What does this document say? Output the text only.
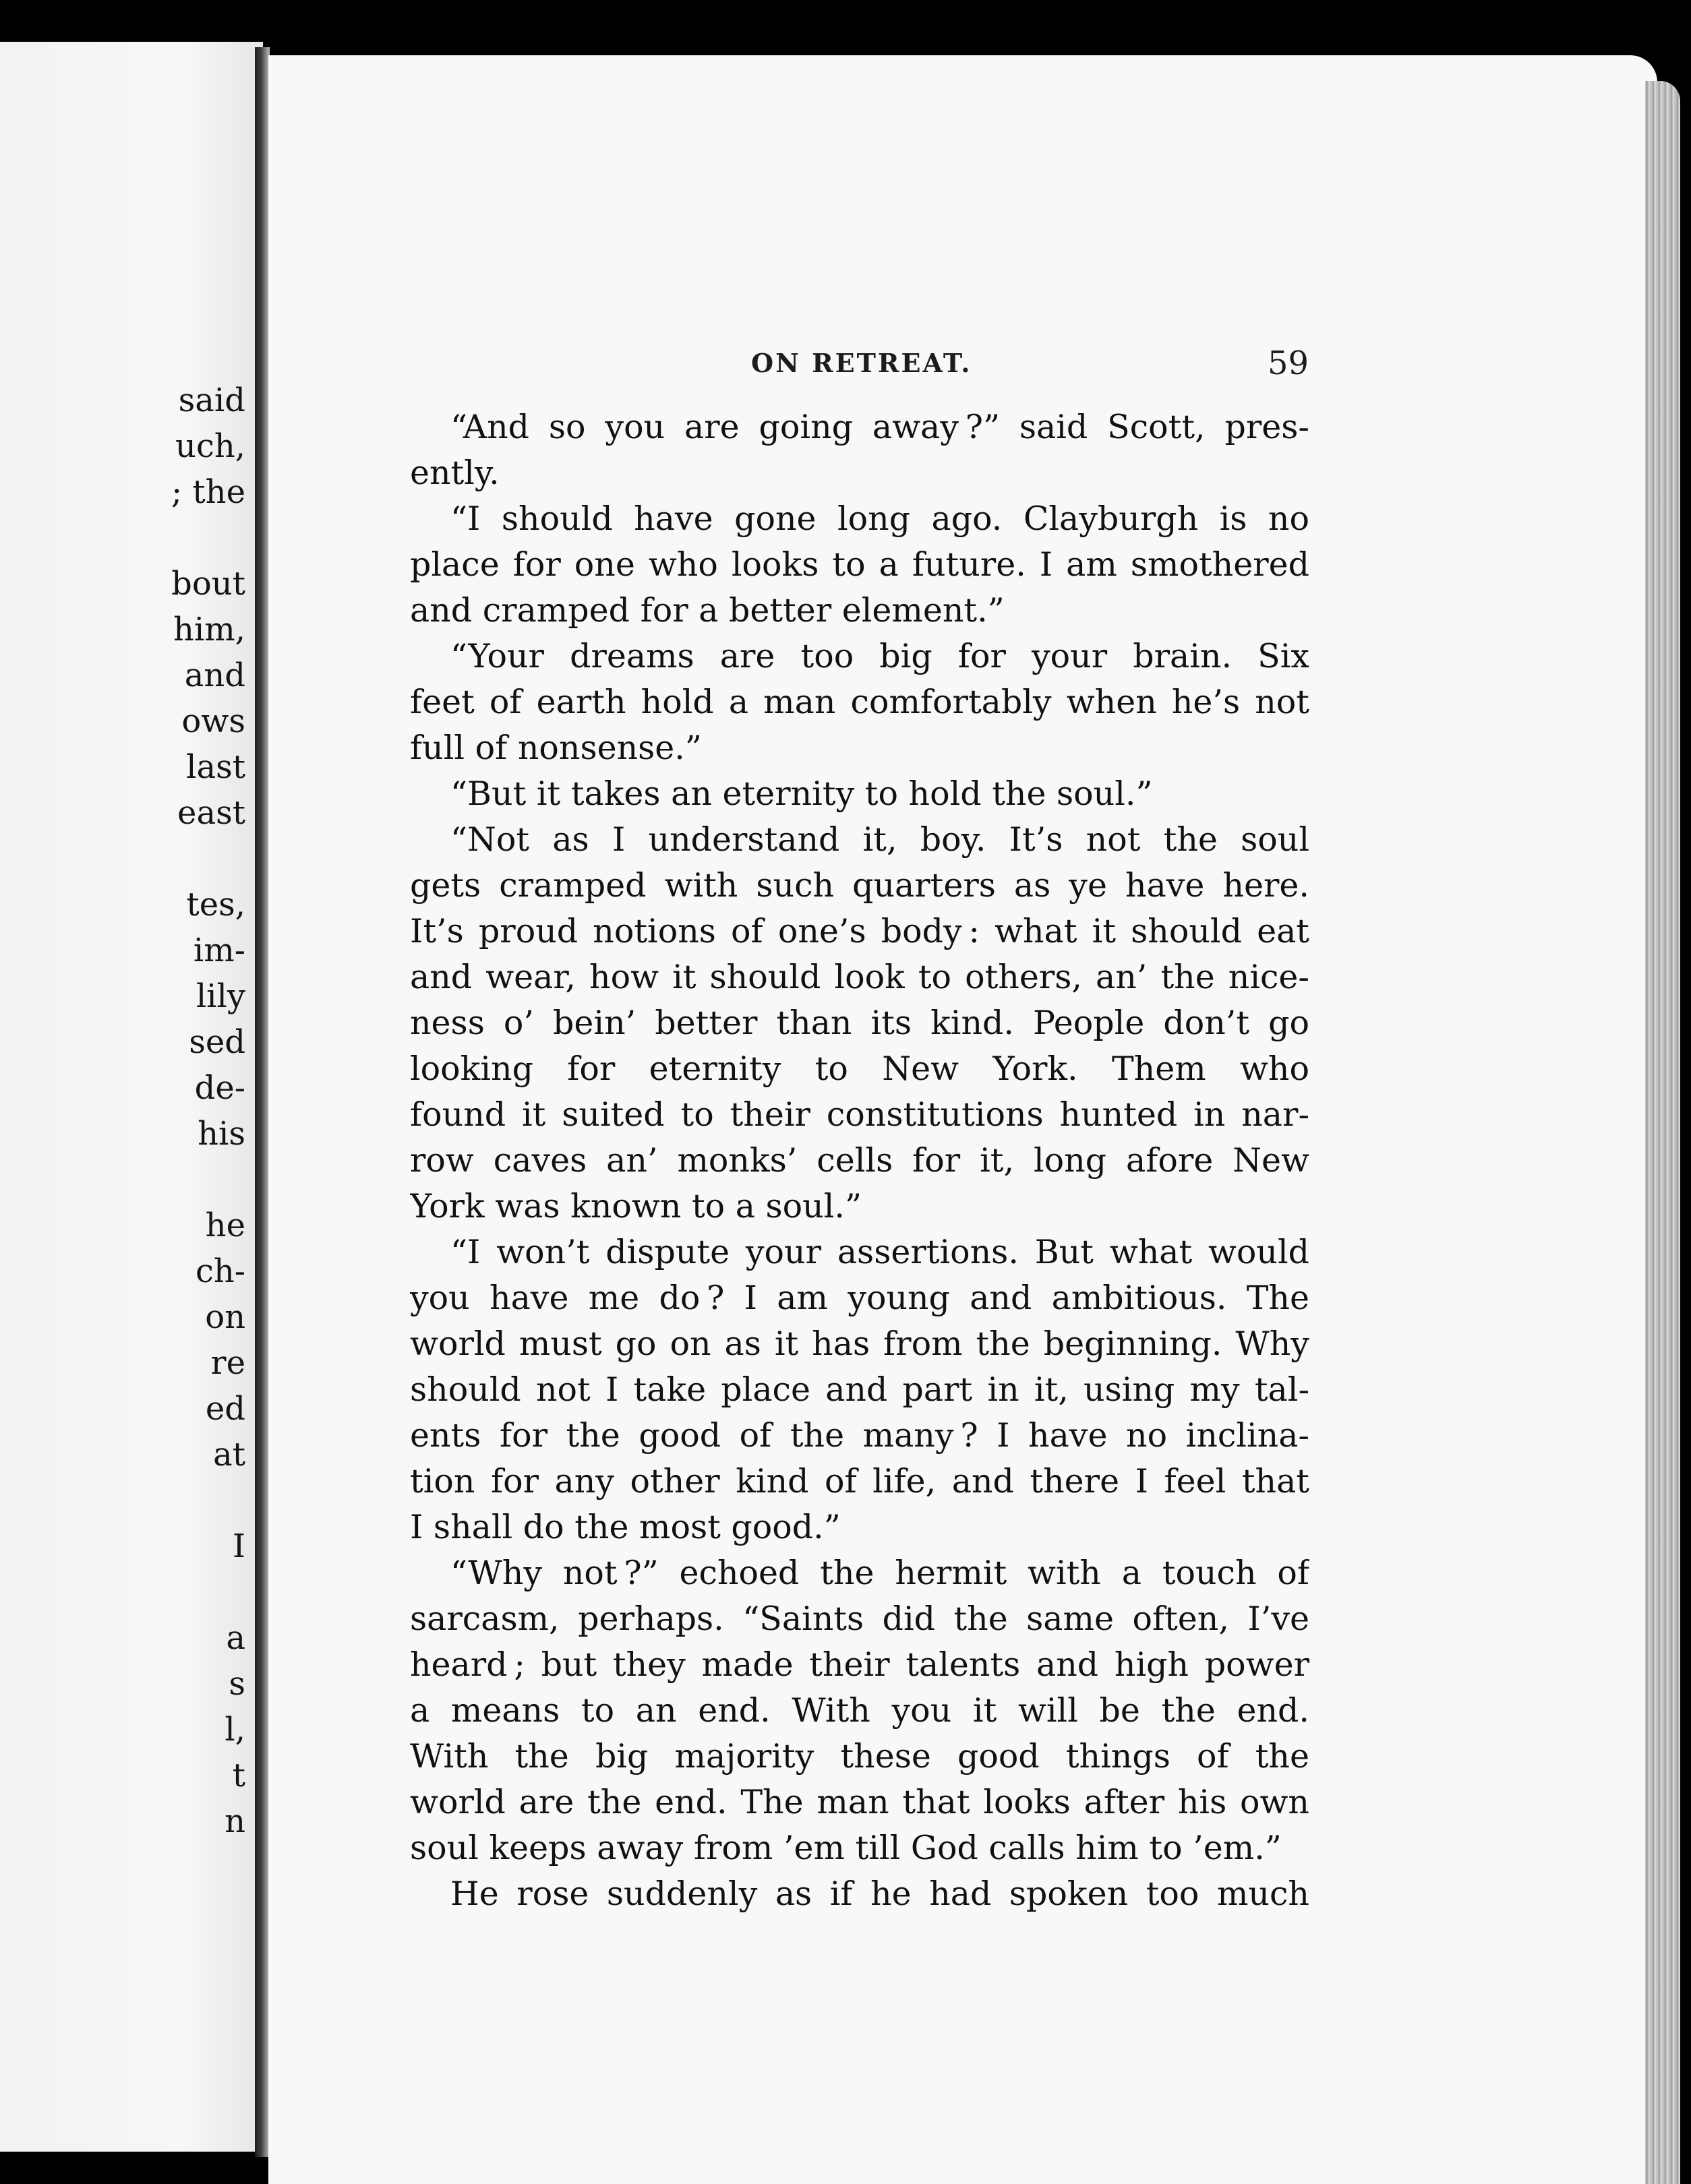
said
uch,
; the
bout
him,
and
ows
last
east
tes,
im-
lily
sed
de-
his
he
ch-
on
re
ed
at
I
a
s
l,
t
n
ON RETREAT.	59
“And so you are going away ?” said Scott, pres-
ently.
“I should have gone long ago. Clayburgh is no
place for one who looks to a future. I am smothered
and cramped for a better element.”
“Your dreams are too big for your brain. Six
feet of earth hold a man comfortably when he’s not
full of nonsense.”
“But it takes an eternity to hold the soul.”
“Not as I understand it, boy. It’s not the soul
gets cramped with such quarters as ye have here.
It’s proud notions of one’s body : what it should eat
and wear, how it should look to others, an’ the nice-
ness o’ bein’ better than its kind. People don’t go
looking for eternity to New York. Them who
found it suited to their constitutions hunted in nar-
row caves an’ monks’ cells for it, long afore New
York was known to a soul.”
“I won’t dispute your assertions. But what would
you have me do ? I am young and ambitious. The
world must go on as it has from the beginning. Why
should not I take place and part in it, using my tal-
ents for the good of the many ? I have no inclina-
tion for any other kind of life, and there I feel that
I shall do the most good.”
“Why not ?” echoed the hermit with a touch of
sarcasm, perhaps. “Saints did the same often, I’ve
heard ; but they made their talents and high power
a means to an end. With you it will be the end.
With the big majority these good things of the
world are the end. The man that looks after his own
soul keeps away from ’em till God calls him to ’em.”
He rose suddenly as if he had spoken too much
